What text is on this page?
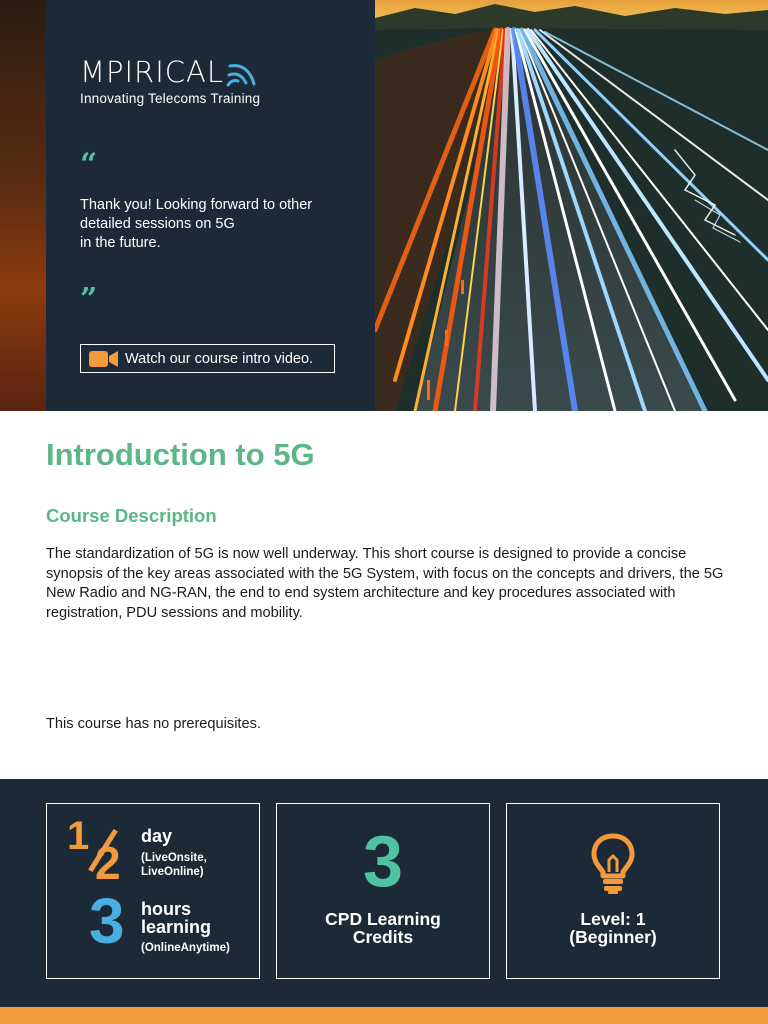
MPIRICAL
Innovating Telecoms Training
“
Thank you! Looking forward to other
detailed sessions on 5G
in the future.
”
Watch our course intro video.
Introduction to 5G
Course Description

The standardization of 5G is now well underway. This short course is designed to provide a concise synopsis of the key areas associated with the 5G System, with focus on the concepts and drivers, the 5G New Radio and NG-RAN, the end to end system architecture and key procedures associated with registration, PDU sessions and mobility.

This course has no prerequisites.

1
2
day
(LiveOnsite,
LiveOnline)
3 hours
learning
(OnlineAnytime)
3
CPD Learning
Credits
Level: 1
(Beginner)
